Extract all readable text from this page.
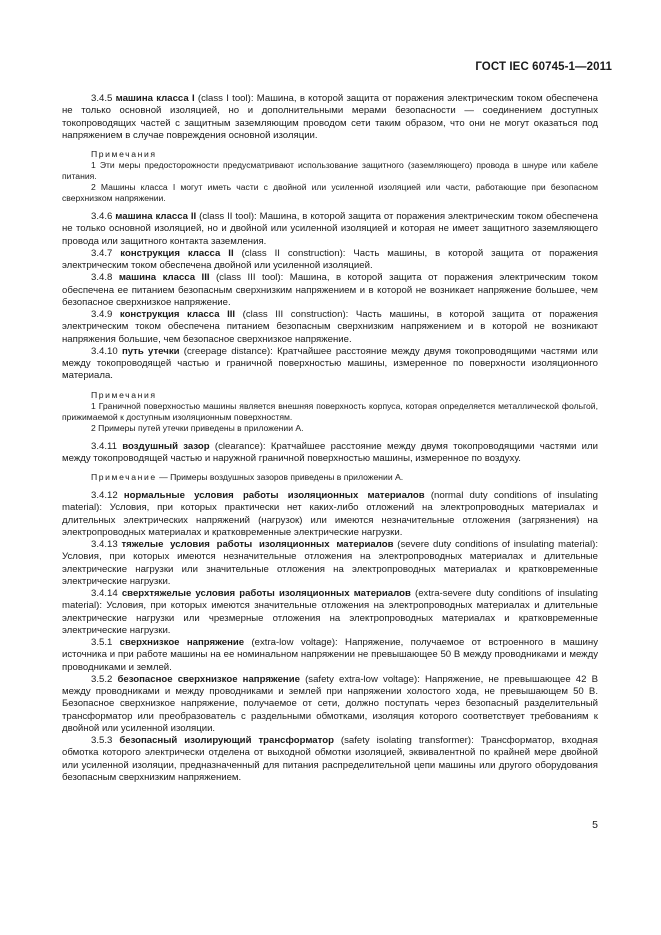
ГОСТ IEC 60745-1—2011

3.4.5 машина класса I (class I tool): Машина, в которой защита от поражения электрическим током обеспечена не только основной изоляцией, но и дополнительными мерами безопасности — соединением доступных токопроводящих частей с защитным заземляющим проводом сети таким образом, что они не могут оказаться под напряжением в случае повреждения основной изоляции.

Примечания

1 Эти меры предосторожности предусматривают использование защитного (заземляющего) провода в шнуре или кабеле питания.

2 Машины класса I могут иметь части с двойной или усиленной изоляцией или части, работающие при безопасном сверхнизком напряжении.

3.4.6 машина класса II (class II tool): Машина, в которой защита от поражения электрическим током обеспечена не только основной изоляцией, но и двойной или усиленной изоляцией и которая не имеет защитного заземляющего провода или защитного контакта заземления.

3.4.7 конструкция класса II (class II construction): Часть машины, в которой защита от поражения электрическим током обеспечена двойной или усиленной изоляцией.

3.4.8 машина класса III (class III tool): Машина, в которой защита от поражения электрическим током обеспечена ее питанием безопасным сверхнизким напряжением и в которой не возникает напряжение большее, чем безопасное сверхнизкое напряжение.

3.4.9 конструкция класса III (class III construction): Часть машины, в которой защита от поражения электрическим током обеспечена питанием безопасным сверхнизким напряжением и в которой не возникают напряжения большие, чем безопасное сверхнизкое напряжение.

3.4.10 путь утечки (creepage distance): Кратчайшее расстояние между двумя токопроводящими частями или между токопроводящей частью и граничной поверхностью машины, измеренное по поверхности изоляционного материала.

Примечания

1 Граничной поверхностью машины является внешняя поверхность корпуса, которая определяется металлической фольгой, прижимаемой к доступным изоляционным поверхностям.

2 Примеры путей утечки приведены в приложении А.

3.4.11 воздушный зазор (clearance): Кратчайшее расстояние между двумя токопроводящими частями или между токопроводящей частью и наружной граничной поверхностью машины, измеренное по воздуху.

Примечание — Примеры воздушных зазоров приведены в приложении А.

3.4.12 нормальные условия работы изоляционных материалов (normal duty conditions of insulating material): Условия, при которых практически нет каких-либо отложений на электропроводных материалах и длительных электрических напряжений (нагрузок) или имеются незначительные отложения (загрязнения) на электропроводных материалах и кратковременные электрические нагрузки.

3.4.13 тяжелые условия работы изоляционных материалов (severe duty conditions of insulating material): Условия, при которых имеются незначительные отложения на электропроводных материалах и длительные электрические нагрузки или значительные отложения на электропроводных материалах и кратковременные электрические нагрузки.

3.4.14 сверхтяжелые условия работы изоляционных материалов (extra-severe duty conditions of insulating material): Условия, при которых имеются значительные отложения на электропроводных материалах и длительные электрические нагрузки или чрезмерные отложения на электропроводных материалах и кратковременные электрические нагрузки.

3.5.1 сверхнизкое напряжение (extra-low voltage): Напряжение, получаемое от встроенного в машину источника и при работе машины на ее номинальном напряжении не превышающее 50 В между проводниками и между проводниками и землей.

3.5.2 безопасное сверхнизкое напряжение (safety extra-low voltage): Напряжение, не превышающее 42 В между проводниками и между проводниками и землей при напряжении холостого хода, не превышающем 50 В. Безопасное сверхнизкое напряжение, получаемое от сети, должно поступать через безопасный разделительный трансформатор или преобразователь с раздельными обмотками, изоляция которого соответствует требованиям к двойной или усиленной изоляции.

3.5.3 безопасный изолирующий трансформатор (safety isolating transformer): Трансформатор, входная обмотка которого электрически отделена от выходной обмотки изоляцией, эквивалентной по крайней мере двойной или усиленной изоляции, предназначенный для питания распределительной цепи машины или другого оборудования безопасным сверхнизким напряжением.

5
